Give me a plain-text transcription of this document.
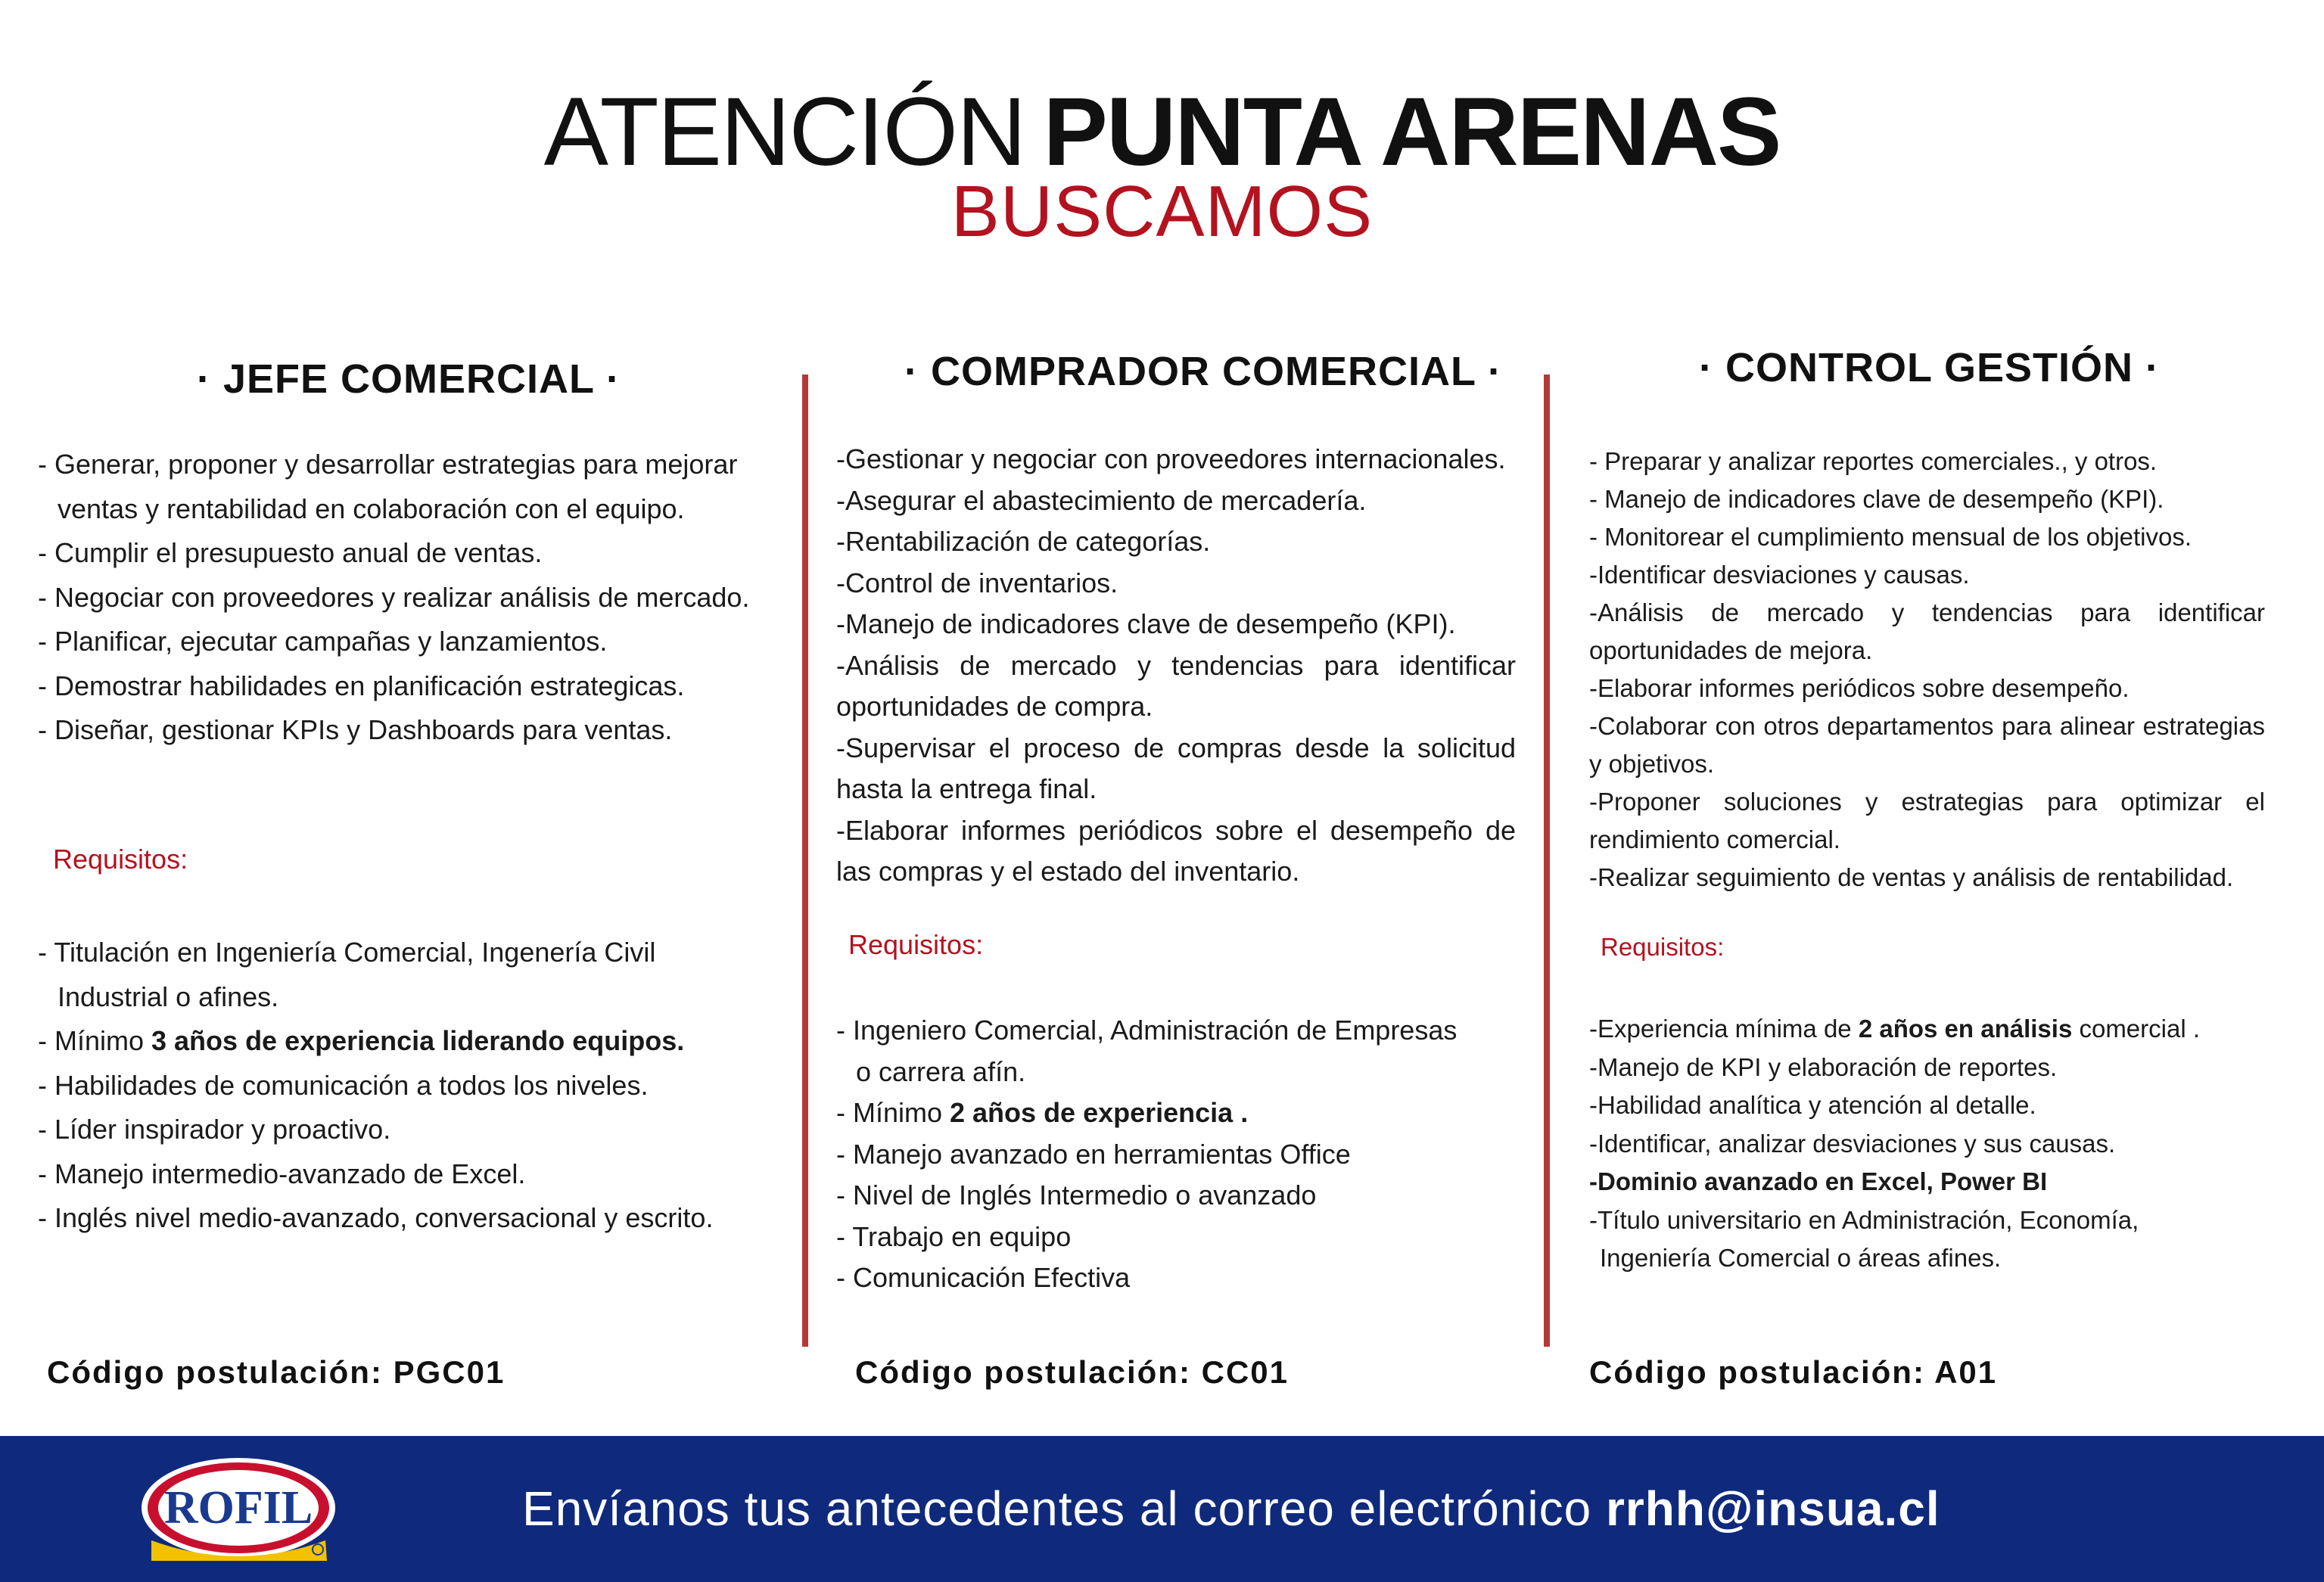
ATENCIÓN PUNTA ARENAS
BUSCAMOS
· JEFE COMERCIAL ·
- Generar, proponer y desarrollar estrategias para mejorar
ventas y rentabilidad en colaboración con el equipo.
- Cumplir el presupuesto anual de ventas.
- Negociar con proveedores y realizar análisis de mercado.
- Planificar, ejecutar campañas y lanzamientos.
- Demostrar habilidades en planificación estrategicas.
- Diseñar, gestionar KPIs y Dashboards para ventas.
Requisitos:
- Titulación en Ingeniería Comercial, Ingenería Civil
Industrial o afines.
- Mínimo 3 años de experiencia liderando equipos.
- Habilidades de comunicación a todos los niveles.
- Líder inspirador y proactivo.
- Manejo intermedio-avanzado de Excel.
- Inglés nivel medio-avanzado, conversacional y escrito.
Código postulación: PGC01
· COMPRADOR COMERCIAL ·
-Gestionar y negociar con proveedores internacionales.
-Asegurar el abastecimiento de mercadería.
-Rentabilización de categorías.
-Control de inventarios.
-Manejo de indicadores clave de desempeño (KPI).
-Análisis de mercado y tendencias para identificar oportunidades de compra.
-Supervisar el proceso de compras desde la solicitud hasta la entrega final.
-Elaborar informes periódicos sobre el desempeño de las compras y el estado del inventario.
Requisitos:
- Ingeniero Comercial, Administración de Empresas
o carrera afín.
- Mínimo 2 años de experiencia .
- Manejo avanzado en herramientas Office
- Nivel de Inglés Intermedio o avanzado
- Trabajo en equipo
- Comunicación Efectiva
Código postulación: CC01
· CONTROL GESTIÓN ·
- Preparar y analizar reportes comerciales., y otros.
- Manejo de indicadores clave de desempeño (KPI).
- Monitorear el cumplimiento mensual de los objetivos.
-Identificar desviaciones y causas.
-Análisis de mercado y tendencias para identificar oportunidades de mejora.
-Elaborar informes periódicos sobre desempeño.
-Colaborar con otros departamentos para alinear estrategias y objetivos.
-Proponer soluciones y estrategias para optimizar el rendimiento comercial.
-Realizar seguimiento de ventas y análisis de rentabilidad.
Requisitos:
-Experiencia mínima de 2 años en análisis comercial .
-Manejo de KPI y elaboración de reportes.
-Habilidad analítica y atención al detalle.
-Identificar, analizar desviaciones y sus causas.
-Dominio avanzado en Excel, Power BI
-Título universitario en Administración, Economía,
Ingeniería Comercial o áreas afines.
Código postulación: A01
ROFIL	Envíanos tus antecedentes al correo electrónico rrhh@insua.cl
